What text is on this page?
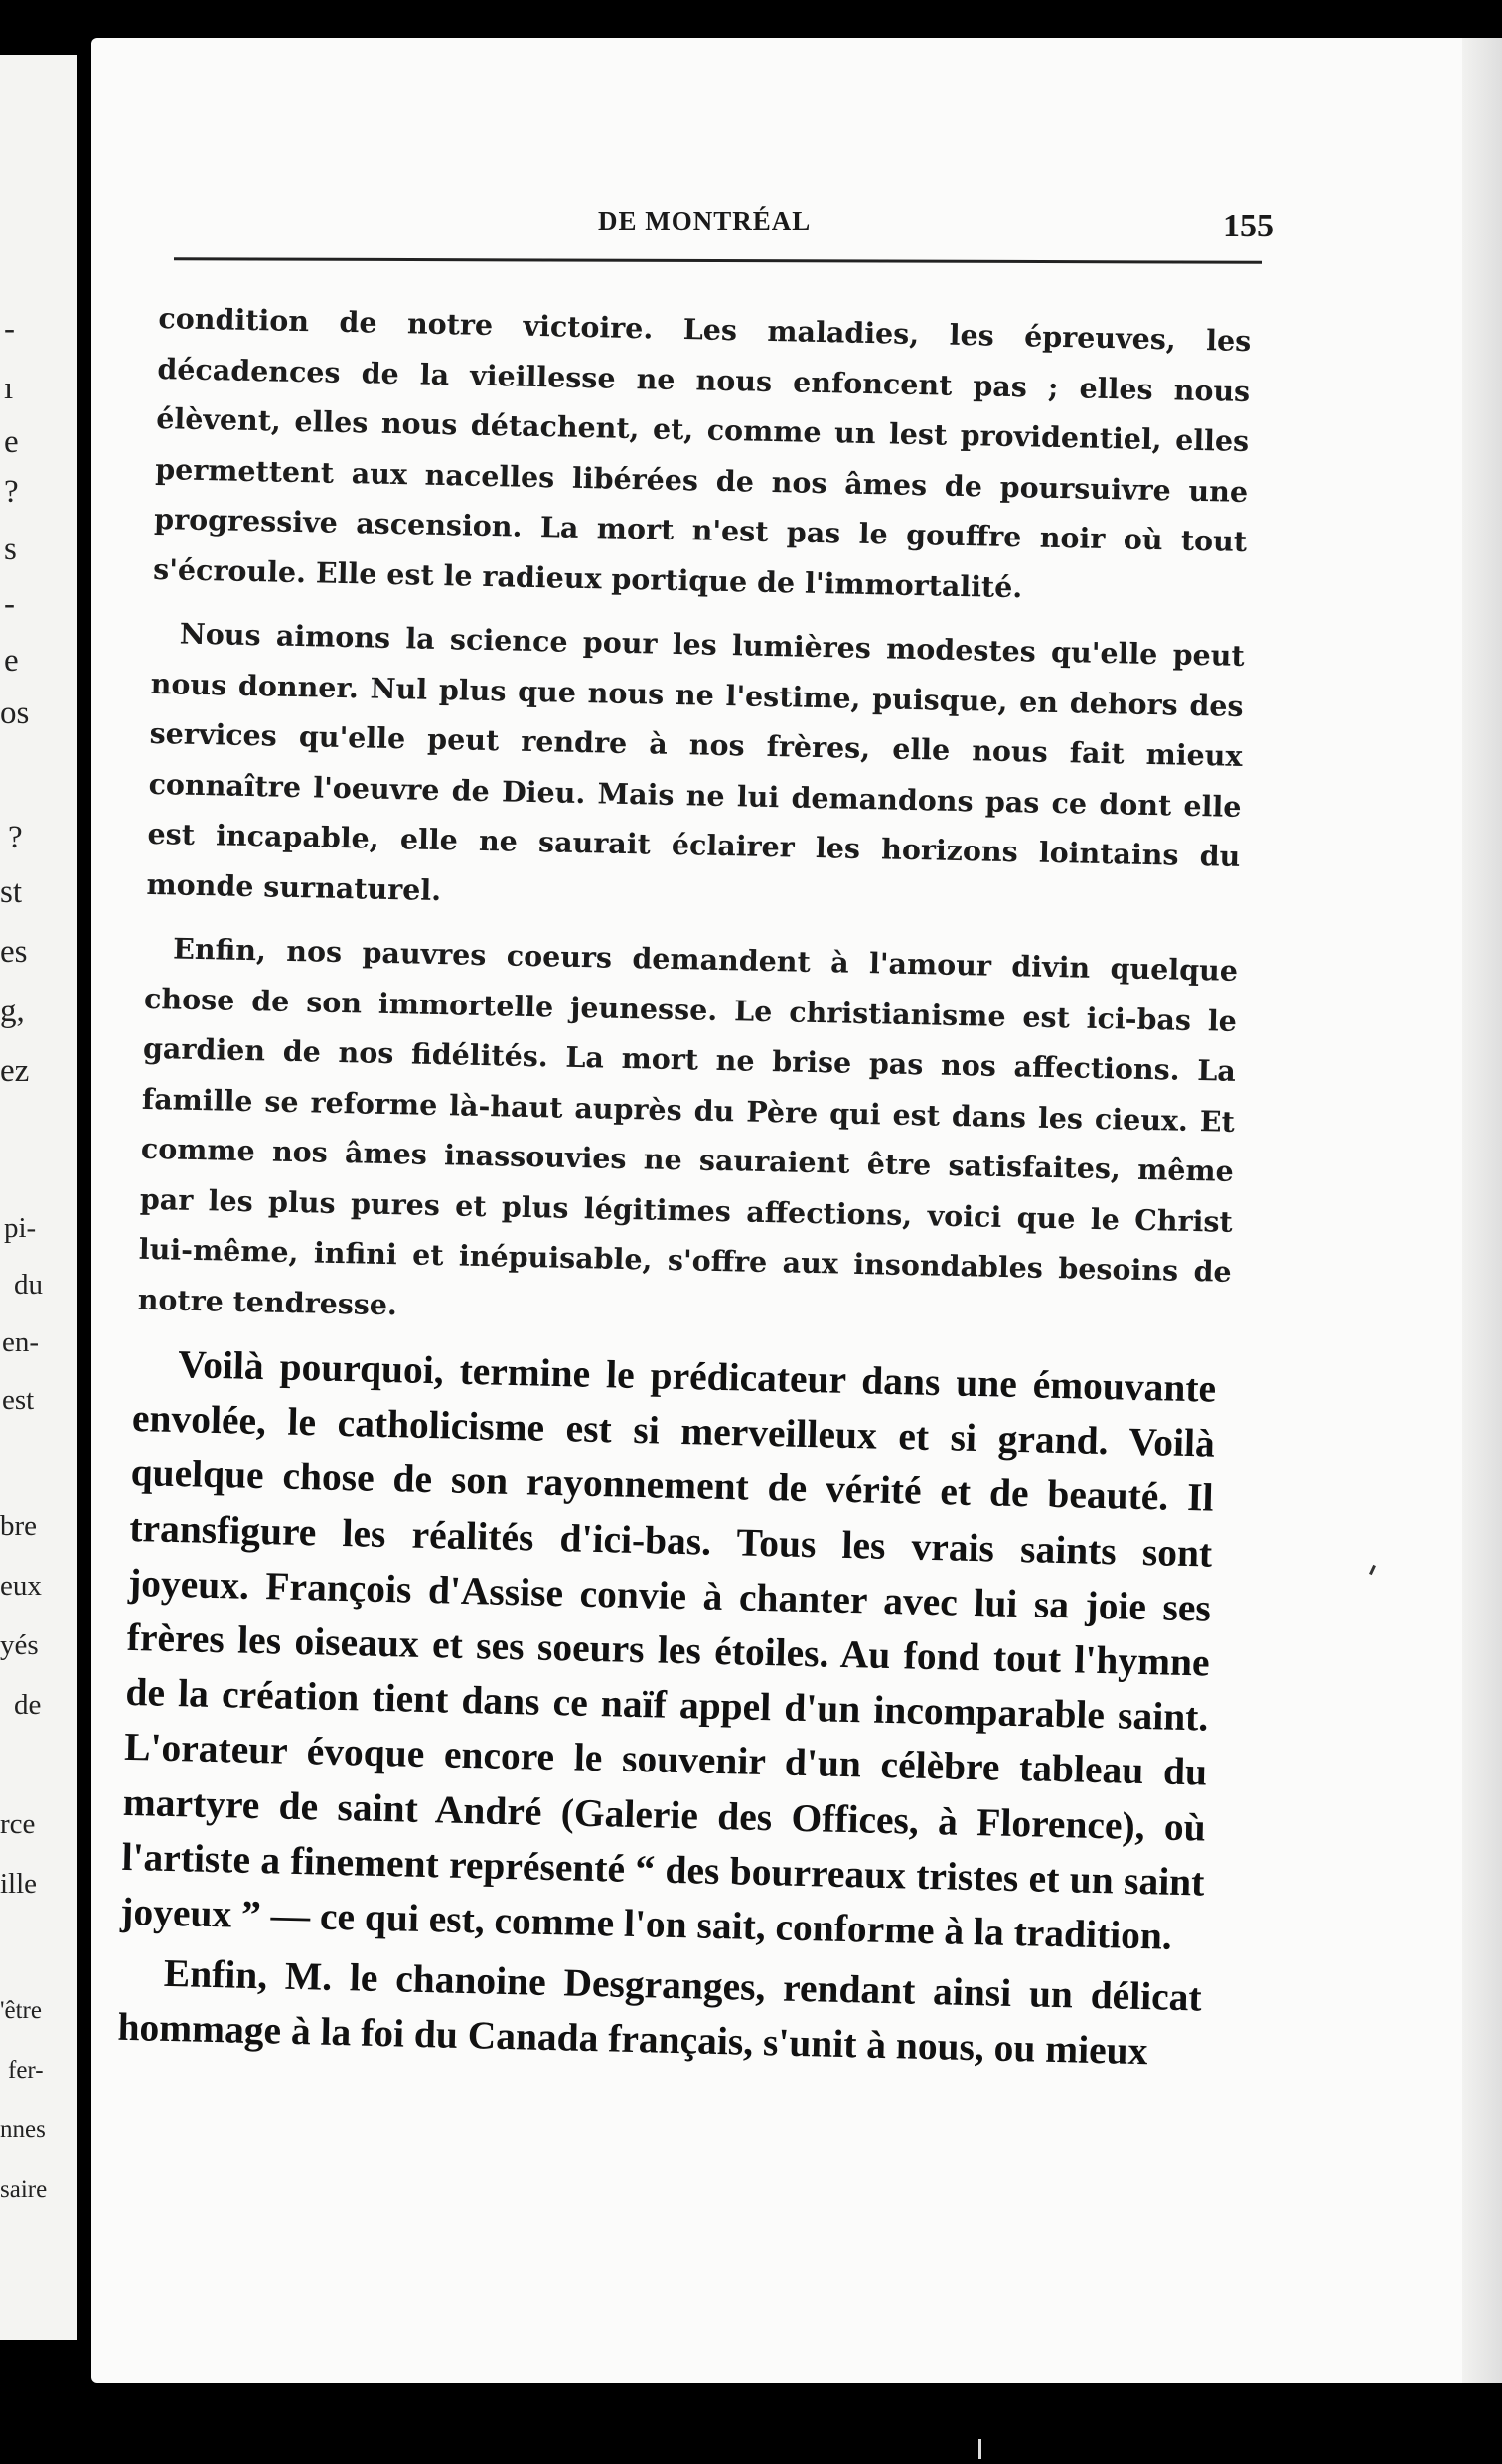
-
ı
e
?
s
-
e
os
?
st
es
g,
ez
pi-
du
en-
est
bre
eux
yés
de
rce
ille
'être
fer-
nnes
saire
DE MONTRÉAL	155

condition de notre victoire. Les maladies, les épreuves, les décadences de la vieillesse ne nous enfoncent pas ; elles nous élèvent, elles nous détachent, et, comme un lest providentiel, elles permettent aux nacelles libérées de nos âmes de poursuivre une progressive ascension. La mort n'est pas le gouffre noir où tout s'écroule. Elle est le radieux portique de l'immortalité.

Nous aimons la science pour les lumières modestes qu'elle peut nous donner. Nul plus que nous ne l'estime, puisque, en dehors des services qu'elle peut rendre à nos frères, elle nous fait mieux connaître l'oeuvre de Dieu. Mais ne lui demandons pas ce dont elle est incapable, elle ne saurait éclairer les horizons lointains du monde surnaturel.

Enfin, nos pauvres coeurs demandent à l'amour divin quelque chose de son immortelle jeunesse. Le christianisme est ici-bas le gardien de nos fidélités. La mort ne brise pas nos affections. La famille se reforme là-haut auprès du Père qui est dans les cieux. Et comme nos âmes inassouvies ne sauraient être satisfaites, même par les plus pures et plus légitimes affections, voici que le Christ lui-même, infini et inépuisable, s'offre aux insondables besoins de notre tendresse.

Voilà pourquoi, termine le prédicateur dans une émouvante envolée, le catholicisme est si merveilleux et si grand. Voilà quelque chose de son rayonnement de vérité et de beauté. Il transfigure les réalités d'ici-bas. Tous les vrais saints sont joyeux. François d'Assise convie à chanter avec lui sa joie ses frères les oiseaux et ses soeurs les étoiles. Au fond tout l'hymne de la création tient dans ce naïf appel d'un incomparable saint. L'orateur évoque encore le souvenir d'un célèbre tableau du martyre de saint André (Galerie des Offices, à Florence), où l'artiste a finement représenté “ des bourreaux tristes et un saint joyeux ” — ce qui est, comme l'on sait, conforme à la tradition.

Enfin, M. le chanoine Desgranges, rendant ainsi un délicat hommage à la foi du Canada français, s'unit à nous, ou mieux
